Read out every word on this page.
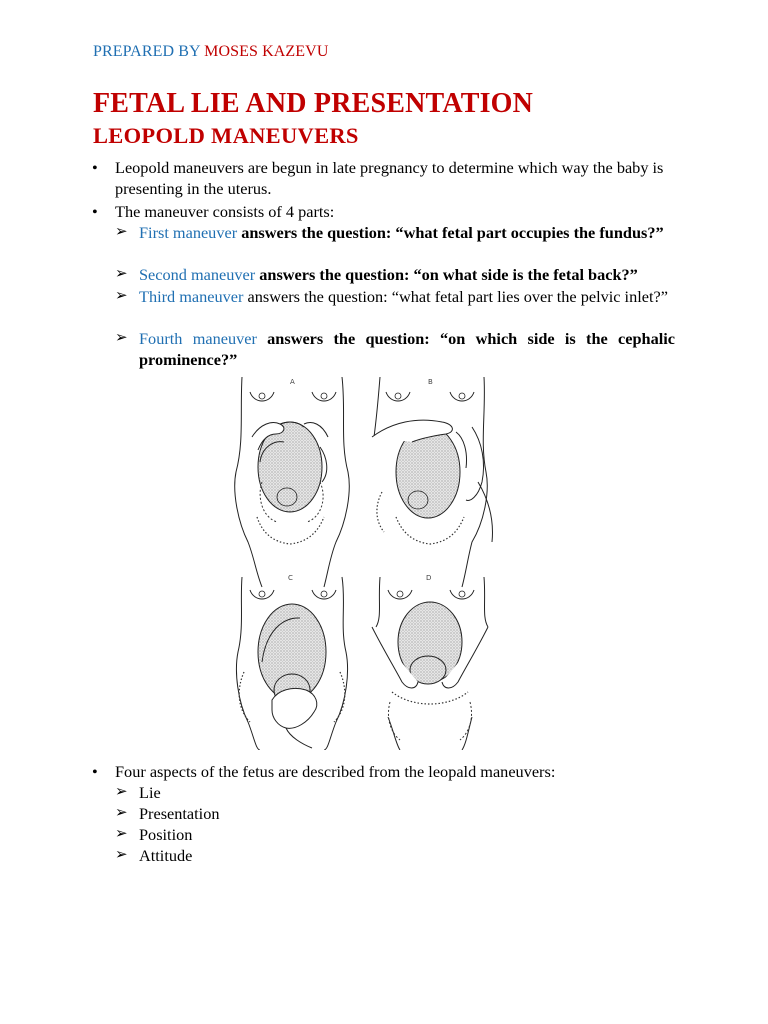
PREPARED BY MOSES KAZEVU
FETAL LIE AND PRESENTATION
LEOPOLD MANEUVERS
•	Leopold maneuvers are begun in late pregnancy to determine which way the baby is presenting in the uterus.
•	The maneuver consists of 4 parts:
➢ First maneuver answers the question: “what fetal part occupies the fundus?”
➢ Second maneuver answers the question: “on what side is the fetal back?”
➢ Third maneuver answers the question: “what fetal part lies over the pelvic inlet?”
➢ Fourth maneuver answers the question: “on which side is the cephalic prominence?”
A	B
C	D
•	Four aspects of the fetus are described from the leopald maneuvers:
➢ Lie
➢ Presentation
➢ Position
➢ Attitude
